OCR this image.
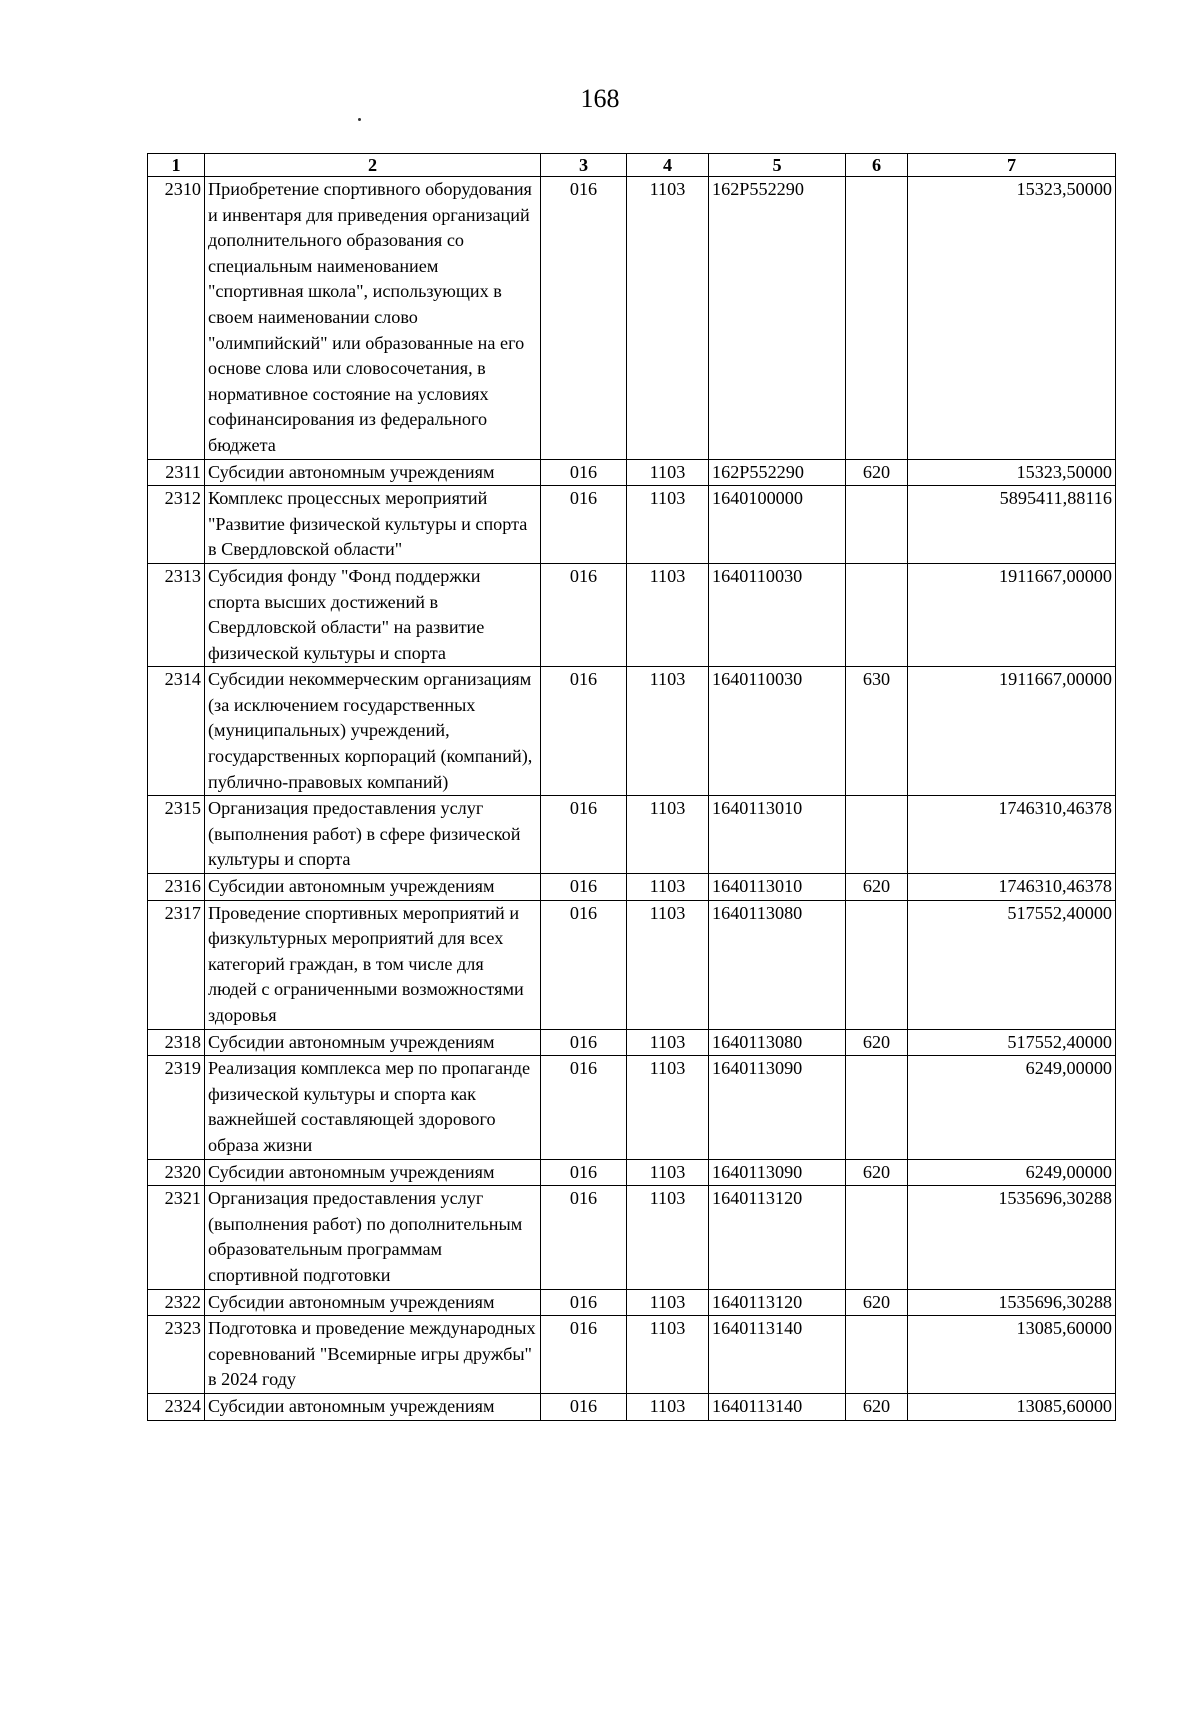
168
1	2	3	4	5	6	7
2310	Приобретение спортивного оборудования и инвентаря для приведения организаций дополнительного образования со специальным наименованием "спортивная школа", использующих в своем наименовании слово "олимпийский" или образованные на его основе слова или словосочетания, в нормативное состояние на условиях софинансирования из федерального бюджета	016	1103	162Р552290		15323,50000
2311	Субсидии автономным учреждениям	016	1103	162Р552290	620	15323,50000
2312	Комплекс процессных мероприятий "Развитие физической культуры и спорта в Свердловской области"	016	1103	1640100000		5895411,88116
2313	Субсидия фонду "Фонд поддержки спорта высших достижений в Свердловской области" на развитие физической культуры и спорта	016	1103	1640110030		1911667,00000
2314	Субсидии некоммерческим организациям (за исключением государственных (муниципальных) учреждений, государственных корпораций (компаний), публично-правовых компаний)	016	1103	1640110030	630	1911667,00000
2315	Организация предоставления услуг (выполнения работ) в сфере физической культуры и спорта	016	1103	1640113010		1746310,46378
2316	Субсидии автономным учреждениям	016	1103	1640113010	620	1746310,46378
2317	Проведение спортивных мероприятий и физкультурных мероприятий для всех категорий граждан, в том числе для людей с ограниченными возможностями здоровья	016	1103	1640113080		517552,40000
2318	Субсидии автономным учреждениям	016	1103	1640113080	620	517552,40000
2319	Реализация комплекса мер по пропаганде физической культуры и спорта как важнейшей составляющей здорового образа жизни	016	1103	1640113090		6249,00000
2320	Субсидии автономным учреждениям	016	1103	1640113090	620	6249,00000
2321	Организация предоставления услуг (выполнения работ) по дополнительным образовательным программам спортивной подготовки	016	1103	1640113120		1535696,30288
2322	Субсидии автономным учреждениям	016	1103	1640113120	620	1535696,30288
2323	Подготовка и проведение международных соревнований "Всемирные игры дружбы" в 2024 году	016	1103	1640113140		13085,60000
2324	Субсидии автономным учреждениям	016	1103	1640113140	620	13085,60000
